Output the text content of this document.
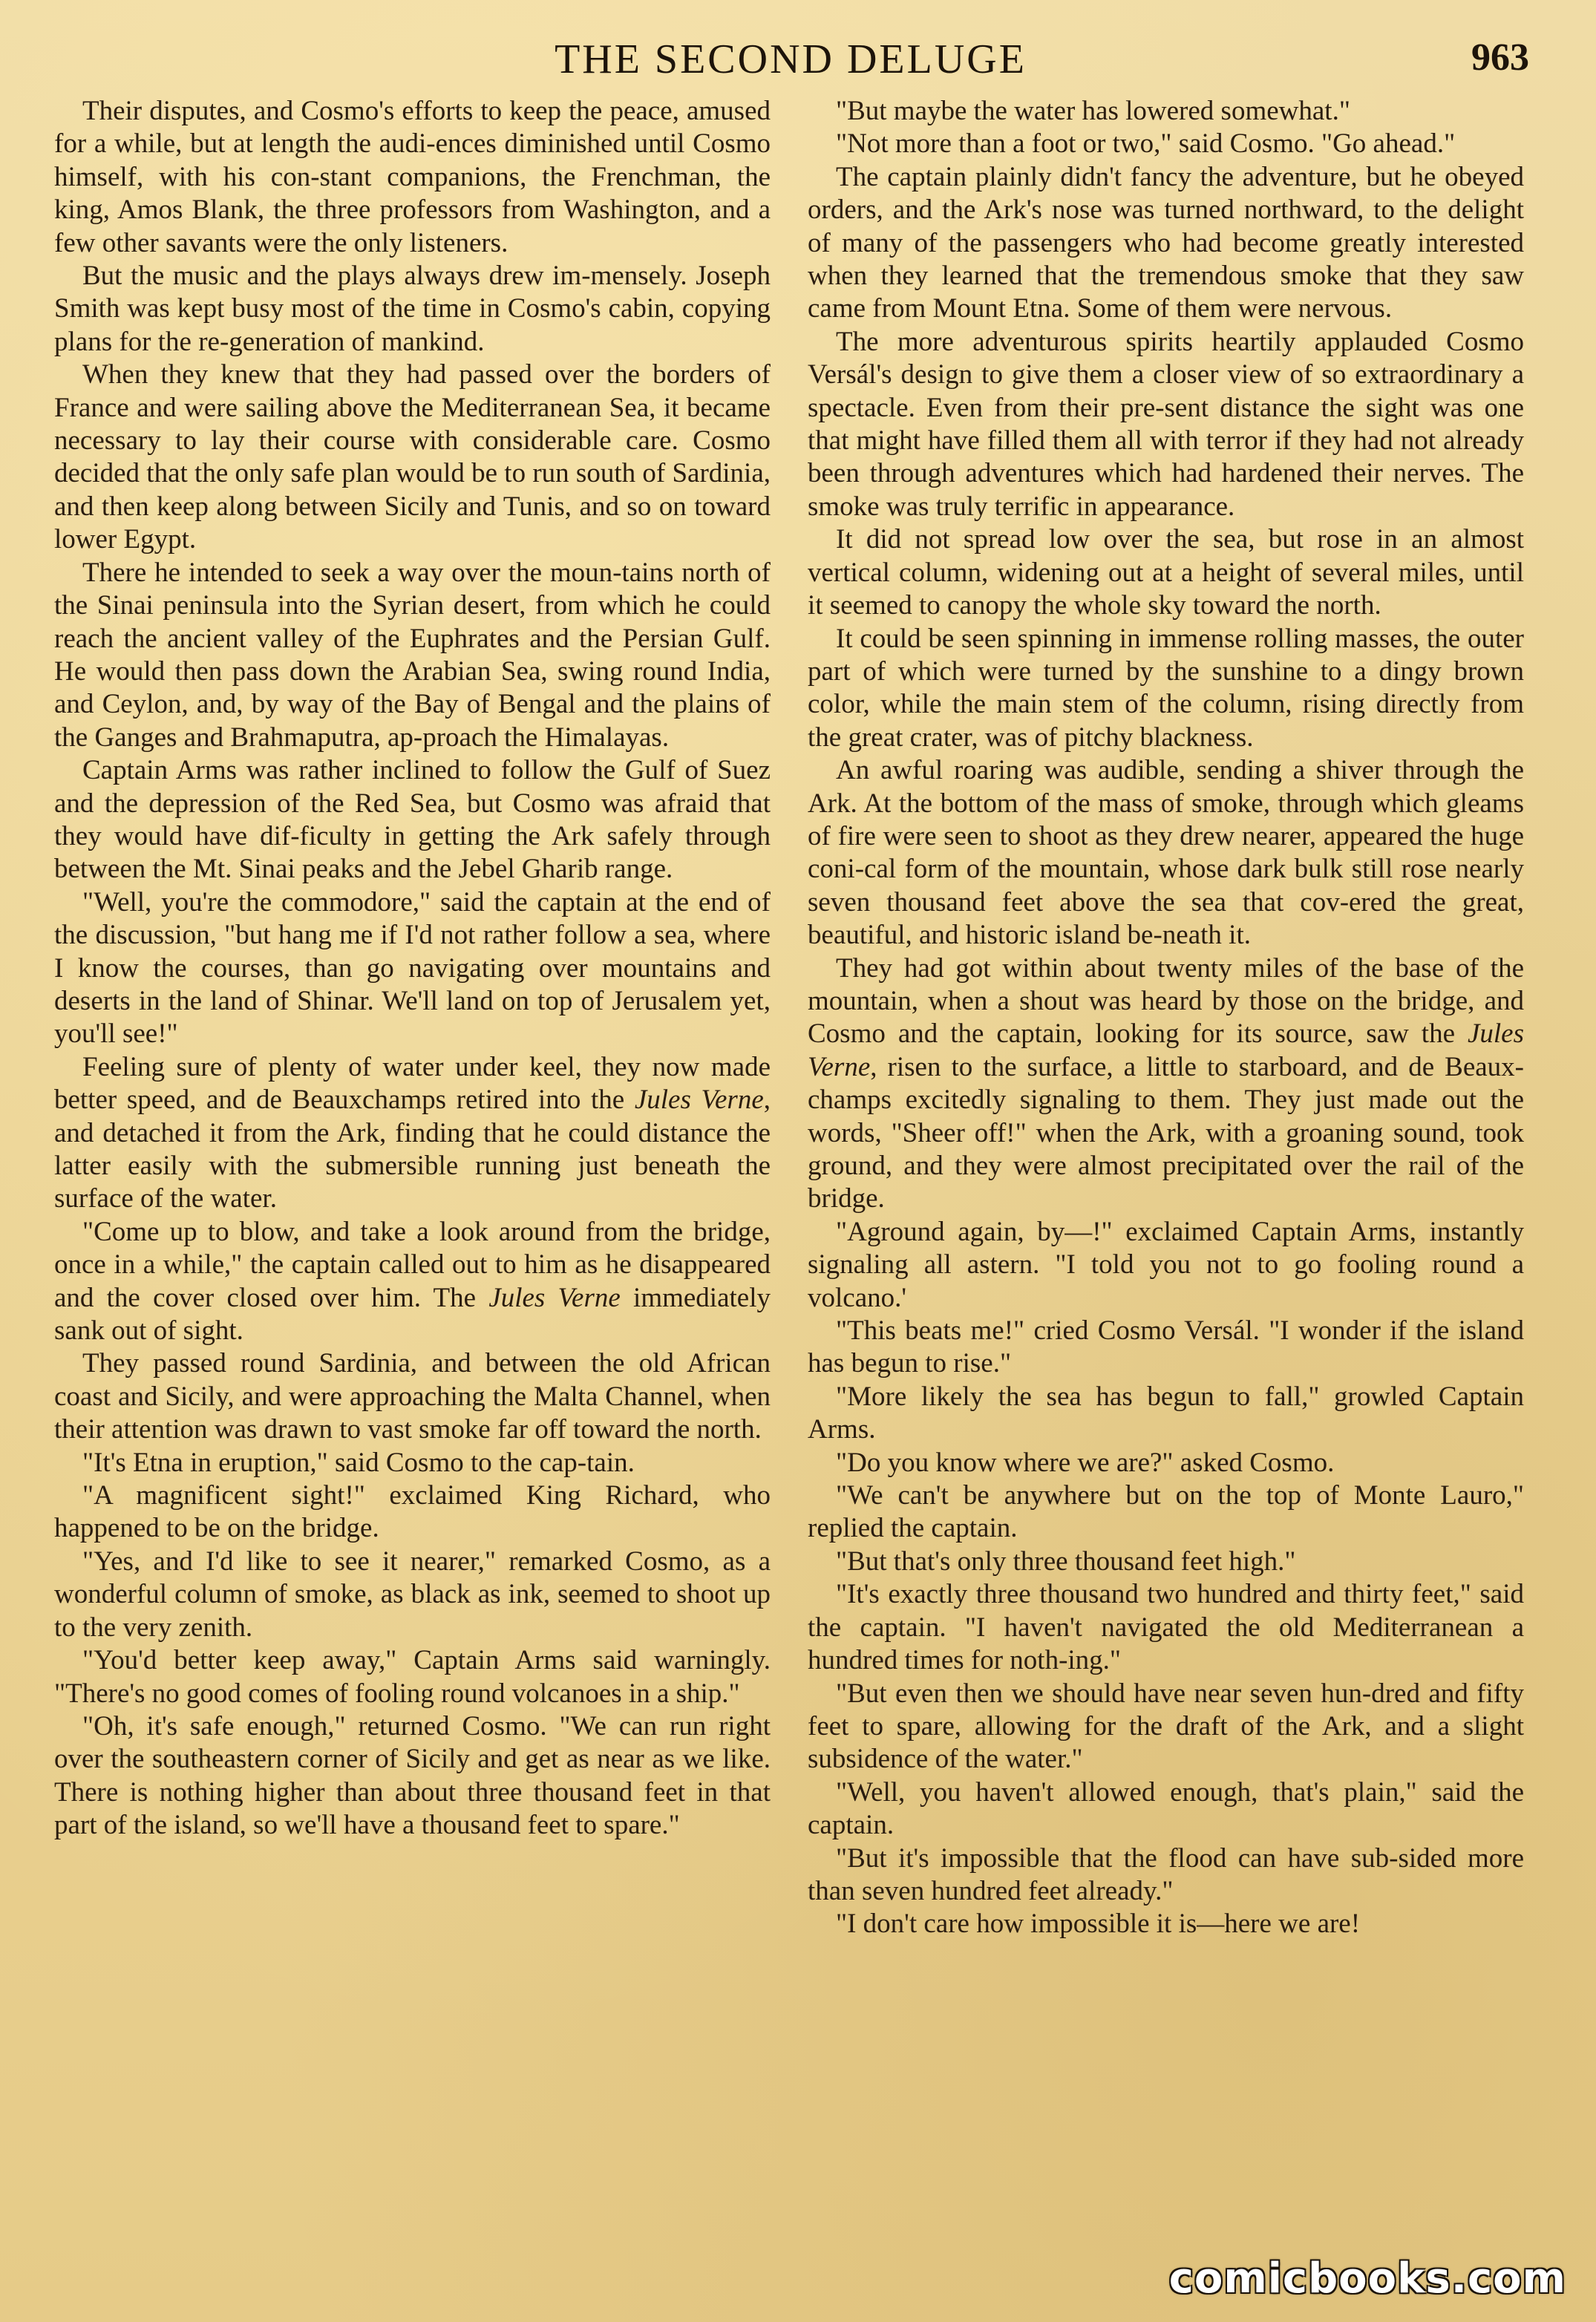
THE SECOND DELUGE	963

Their disputes, and Cosmo's efforts to keep the peace, amused for a while, but at length the audi-ences diminished until Cosmo himself, with his con-stant companions, the Frenchman, the king, Amos Blank, the three professors from Washington, and a few other savants were the only listeners.

But the music and the plays always drew im-mensely. Joseph Smith was kept busy most of the time in Cosmo's cabin, copying plans for the re-generation of mankind.

When they knew that they had passed over the borders of France and were sailing above the Mediterranean Sea, it became necessary to lay their course with considerable care. Cosmo decided that the only safe plan would be to run south of Sardinia, and then keep along between Sicily and Tunis, and so on toward lower Egypt.

There he intended to seek a way over the moun-tains north of the Sinai peninsula into the Syrian desert, from which he could reach the ancient valley of the Euphrates and the Persian Gulf. He would then pass down the Arabian Sea, swing round India, and Ceylon, and, by way of the Bay of Bengal and the plains of the Ganges and Brahmaputra, ap-proach the Himalayas.

Captain Arms was rather inclined to follow the Gulf of Suez and the depression of the Red Sea, but Cosmo was afraid that they would have dif-ficulty in getting the Ark safely through between the Mt. Sinai peaks and the Jebel Gharib range.

"Well, you're the commodore," said the captain at the end of the discussion, "but hang me if I'd not rather follow a sea, where I know the courses, than go navigating over mountains and deserts in the land of Shinar. We'll land on top of Jerusalem yet, you'll see!"

Feeling sure of plenty of water under keel, they now made better speed, and de Beauxchamps retired into the Jules Verne, and detached it from the Ark, finding that he could distance the latter easily with the submersible running just beneath the surface of the water.

"Come up to blow, and take a look around from the bridge, once in a while," the captain called out to him as he disappeared and the cover closed over him. The Jules Verne immediately sank out of sight.

They passed round Sardinia, and between the old African coast and Sicily, and were approaching the Malta Channel, when their attention was drawn to vast smoke far off toward the north.

"It's Etna in eruption," said Cosmo to the cap-tain.

"A magnificent sight!" exclaimed King Richard, who happened to be on the bridge.

"Yes, and I'd like to see it nearer," remarked Cosmo, as a wonderful column of smoke, as black as ink, seemed to shoot up to the very zenith.

"You'd better keep away," Captain Arms said warningly. "There's no good comes of fooling round volcanoes in a ship."

"Oh, it's safe enough," returned Cosmo. "We can run right over the southeastern corner of Sicily and get as near as we like. There is nothing higher than about three thousand feet in that part of the island, so we'll have a thousand feet to spare."

"But maybe the water has lowered somewhat."

"Not more than a foot or two," said Cosmo. "Go ahead."

The captain plainly didn't fancy the adventure, but he obeyed orders, and the Ark's nose was turned northward, to the delight of many of the passengers who had become greatly interested when they learned that the tremendous smoke that they saw came from Mount Etna. Some of them were nervous.

The more adventurous spirits heartily applauded Cosmo Versál's design to give them a closer view of so extraordinary a spectacle. Even from their pre-sent distance the sight was one that might have filled them all with terror if they had not already been through adventures which had hardened their nerves. The smoke was truly terrific in appearance.

It did not spread low over the sea, but rose in an almost vertical column, widening out at a height of several miles, until it seemed to canopy the whole sky toward the north.

It could be seen spinning in immense rolling masses, the outer part of which were turned by the sunshine to a dingy brown color, while the main stem of the column, rising directly from the great crater, was of pitchy blackness.

An awful roaring was audible, sending a shiver through the Ark. At the bottom of the mass of smoke, through which gleams of fire were seen to shoot as they drew nearer, appeared the huge coni-cal form of the mountain, whose dark bulk still rose nearly seven thousand feet above the sea that cov-ered the great, beautiful, and historic island be-neath it.

They had got within about twenty miles of the base of the mountain, when a shout was heard by those on the bridge, and Cosmo and the captain, looking for its source, saw the Jules Verne, risen to the surface, a little to starboard, and de Beaux-champs excitedly signaling to them. They just made out the words, "Sheer off!" when the Ark, with a groaning sound, took ground, and they were almost precipitated over the rail of the bridge.

"Aground again, by—!" exclaimed Captain Arms, instantly signaling all astern. "I told you not to go fooling round a volcano.'

"This beats me!" cried Cosmo Versál. "I wonder if the island has begun to rise."

"More likely the sea has begun to fall," growled Captain Arms.

"Do you know where we are?" asked Cosmo.

"We can't be anywhere but on the top of Monte Lauro," replied the captain.

"But that's only three thousand feet high."

"It's exactly three thousand two hundred and thirty feet," said the captain. "I haven't navigated the old Mediterranean a hundred times for noth-ing."

"But even then we should have near seven hun-dred and fifty feet to spare, allowing for the draft of the Ark, and a slight subsidence of the water."

"Well, you haven't allowed enough, that's plain," said the captain.

"But it's impossible that the flood can have sub-sided more than seven hundred feet already."

"I don't care how impossible it is—here we are!

comicbooks.com
